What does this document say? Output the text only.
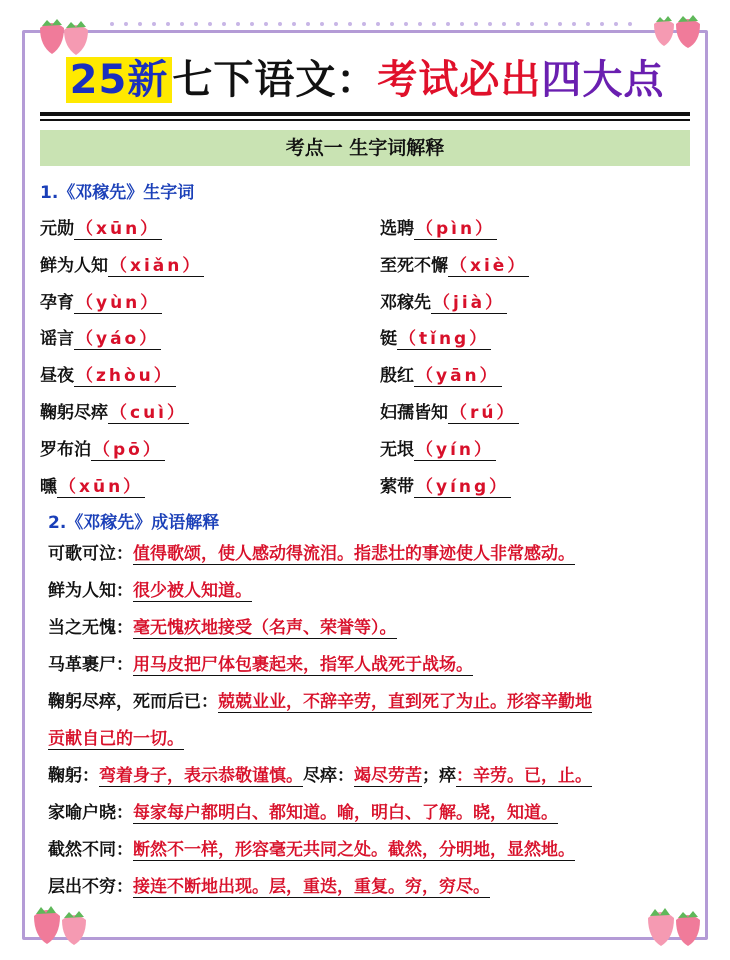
25新 七下语文：考试必出四大点
考点一 生字词解释
1.《邓稼先》生字词
元勋 （xūn）
鲜为人知 （xiǎn）
孕育 （yùn）
谣言 （yáo）
昼夜 （zhòu）
鞠躬尽瘁 （cuì）
罗布泊 （pō）
曛 （xūn）
选聘 （pìn）
至死不懈 （xiè）
邓稼先 （jià）
铤 （tǐng）
殷红 （yān）
妇孺皆知 （rú）
无垠 （yín）
萦带 （yíng）
2.《邓稼先》成语解释
可歌可泣：值得歌颂，使人感动得流泪。指悲壮的事迹使人非常感动。
鲜为人知：很少被人知道。
当之无愧：毫无愧疚地接受（名声、荣誉等）。
马革裹尸：用马皮把尸体包裹起来，指军人战死于战场。
鞠躬尽瘁，死而后已：兢兢业业，不辞辛劳，直到死了为止。形容辛勤地
贡献自己的一切。
鞠躬：弯着身子，表示恭敬谨慎。尽瘁：竭尽劳苦；瘁：辛劳。已，止。
家喻户晓：每家每户都明白、都知道。喻，明白、了解。晓，知道。
截然不同：断然不一样，形容毫无共同之处。截然，分明地，显然地。
层出不穷：接连不断地出现。层，重迭，重复。穷，穷尽。
